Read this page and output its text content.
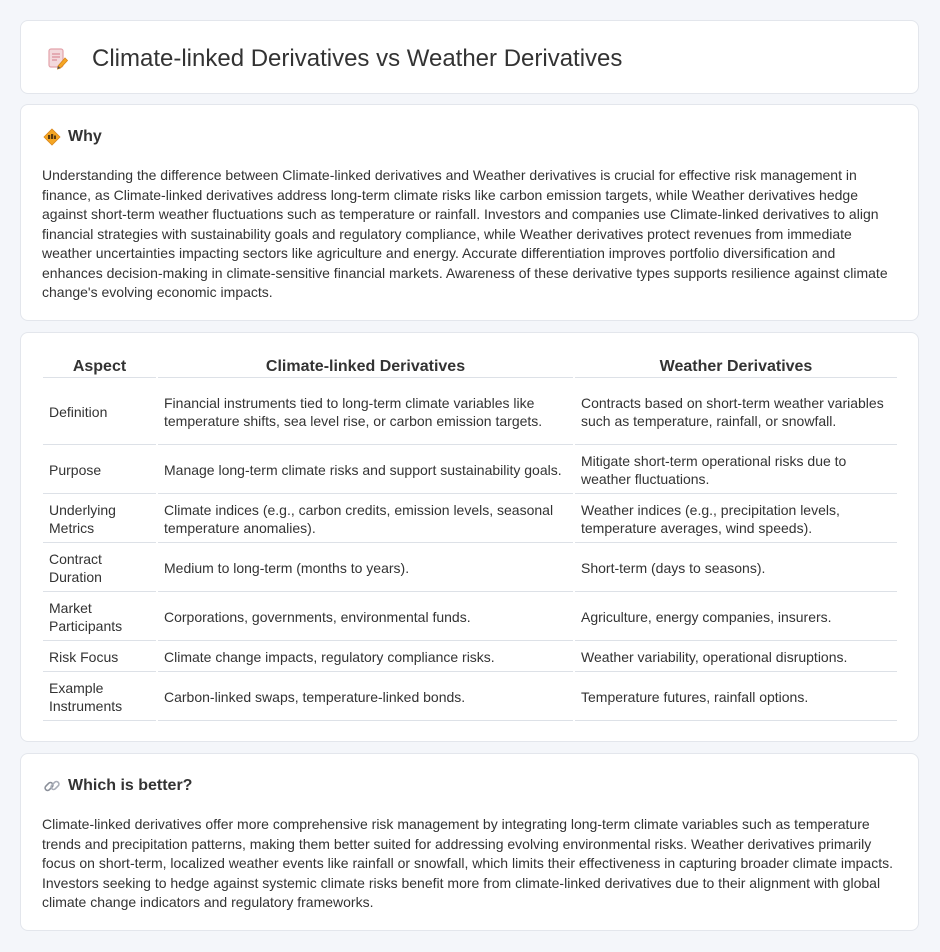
Climate-linked Derivatives vs Weather Derivatives
Why

Understanding the difference between Climate-linked derivatives and Weather derivatives is crucial for effective risk management in finance, as Climate-linked derivatives address long-term climate risks like carbon emission targets, while Weather derivatives hedge against short-term weather fluctuations such as temperature or rainfall. Investors and companies use Climate-linked derivatives to align financial strategies with sustainability goals and regulatory compliance, while Weather derivatives protect revenues from immediate weather uncertainties impacting sectors like agriculture and energy. Accurate differentiation improves portfolio diversification and enhances decision-making in climate-sensitive financial markets. Awareness of these derivative types supports resilience against climate change's evolving economic impacts.

Aspect	Climate-linked Derivatives	Weather Derivatives
Definition	Financial instruments tied to long-term climate variables like temperature shifts, sea level rise, or carbon emission targets.	Contracts based on short-term weather variables such as temperature, rainfall, or snowfall.
Purpose	Manage long-term climate risks and support sustainability goals.	Mitigate short-term operational risks due to weather fluctuations.
Underlying Metrics	Climate indices (e.g., carbon credits, emission levels, seasonal temperature anomalies).	Weather indices (e.g., precipitation levels, temperature averages, wind speeds).
Contract Duration	Medium to long-term (months to years).	Short-term (days to seasons).
Market Participants	Corporations, governments, environmental funds.	Agriculture, energy companies, insurers.
Risk Focus	Climate change impacts, regulatory compliance risks.	Weather variability, operational disruptions.
Example Instruments	Carbon-linked swaps, temperature-linked bonds.	Temperature futures, rainfall options.
Which is better?

Climate-linked derivatives offer more comprehensive risk management by integrating long-term climate variables such as temperature trends and precipitation patterns, making them better suited for addressing evolving environmental risks. Weather derivatives primarily focus on short-term, localized weather events like rainfall or snowfall, which limits their effectiveness in capturing broader climate impacts. Investors seeking to hedge against systemic climate risks benefit more from climate-linked derivatives due to their alignment with global climate change indicators and regulatory frameworks.
